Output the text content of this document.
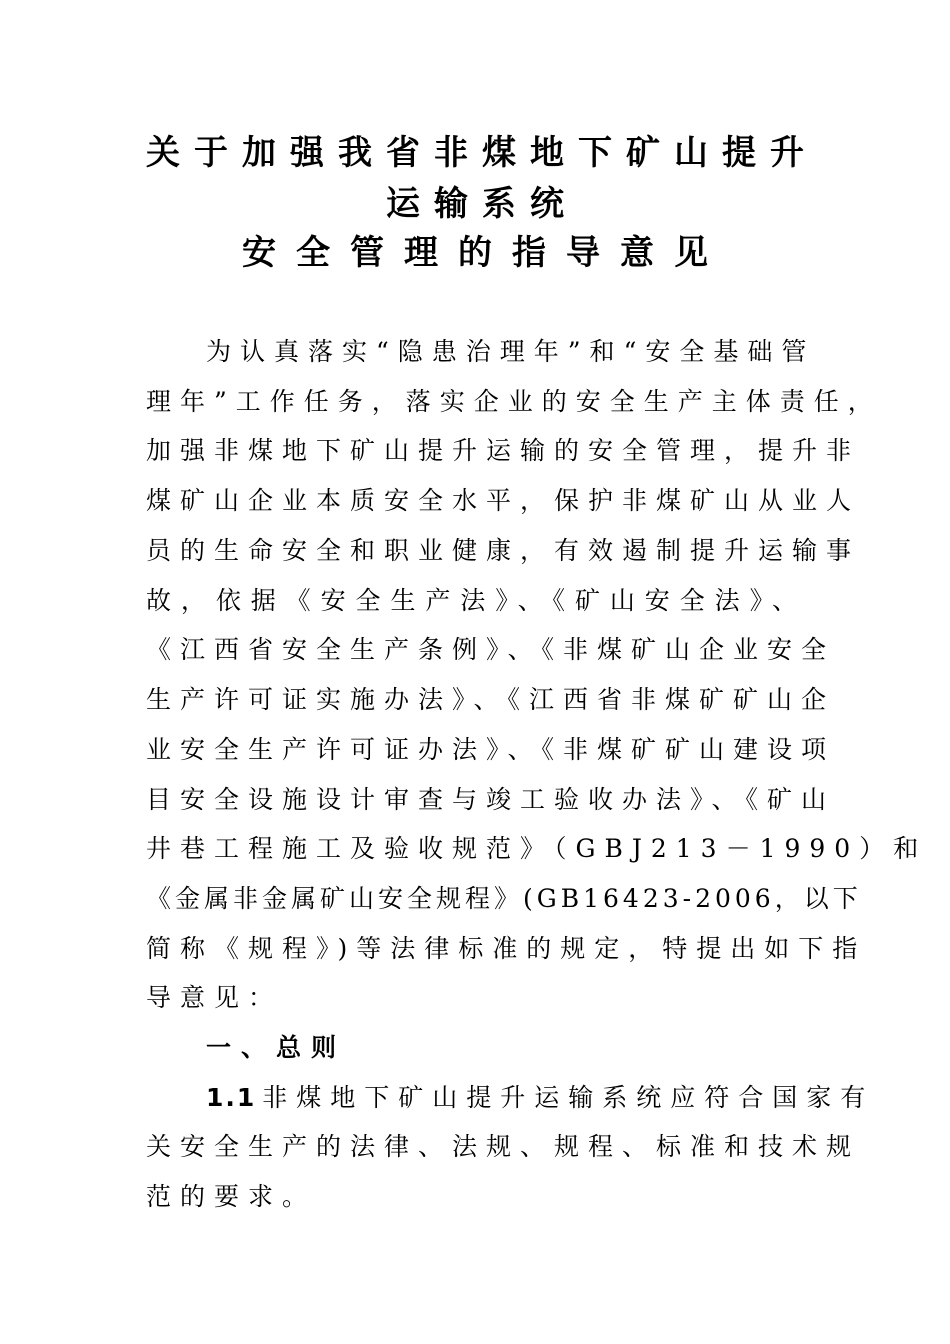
关于加强我省非煤地下矿山提升
运输系统
安全管理的指导意见
为认真落实“隐患治理年”和“安全基础管
理年”工作任务，落实企业的安全生产主体责任，
加强非煤地下矿山提升运输的安全管理，提升非
煤矿山企业本质安全水平，保护非煤矿山从业人
员的生命安全和职业健康，有效遏制提升运输事
故，依据《安全生产法》、《矿山安全法》、
《江西省安全生产条例》、《非煤矿山企业安全
生产许可证实施办法》、《江西省非煤矿矿山企
业安全生产许可证办法》、《非煤矿矿山建设项
目安全设施设计审查与竣工验收办法》、《矿山
井巷工程施工及验收规范》（GBJ213－1990）和
《金属非金属矿山安全规程》(GB16423-2006，以下
简称《规程》)等法律标准的规定，特提出如下指
导意见：
一、总则
1.1 非煤地下矿山提升运输系统应符合国家有
关安全生产的法律、法规、规程、标准和技术规
范的要求。
